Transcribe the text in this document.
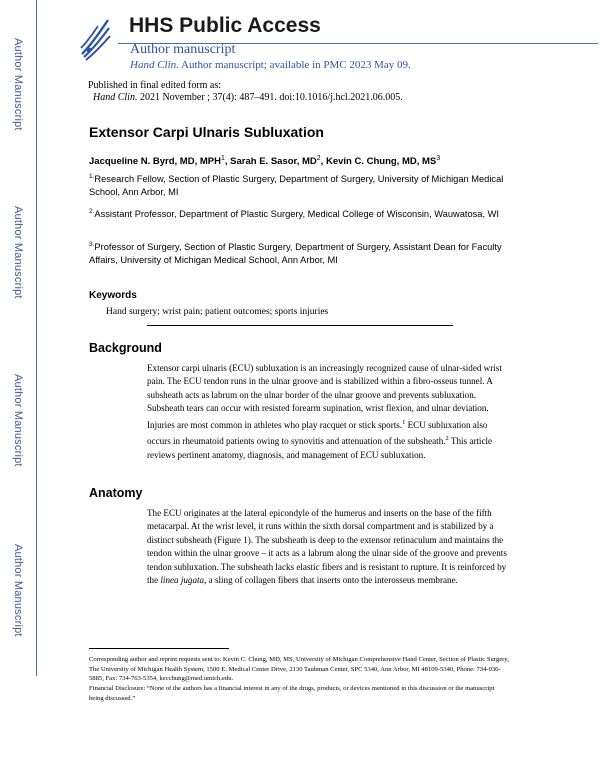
Author Manuscript
Author Manuscript
Author Manuscript
Author Manuscript
HHS Public Access
Author manuscript
Hand Clin. Author manuscript; available in PMC 2023 May 09.
Published in final edited form as:
Hand Clin. 2021 November ; 37(4): 487–491. doi:10.1016/j.hcl.2021.06.005.
Extensor Carpi Ulnaris Subluxation
Jacqueline N. Byrd, MD, MPH$^1$, Sarah E. Sasor, $MD^2$, Kevin C. Chung, MD, $MS^3$
$^{1.}$Research Fellow, Section of Plastic Surgery, Department of Surgery, University of Michigan Medical School, Ann Arbor, MI
$^{2.}$Assistant Professor, Department of Plastic Surgery, Medical College of Wisconsin, Wauwatosa, WI
$^{3.}$Professor of Surgery, Section of Plastic Surgery, Department of Surgery, Assistant Dean for Faculty Affairs, University of Michigan Medical School, Ann Arbor, MI
Keywords
Hand surgery; wrist pain; patient outcomes; sports injuries
Background
Extensor carpi ulnaris (ECU) subluxation is an increasingly recognized cause of ulnar-sided wrist pain. The ECU tendon runs in the ulnar groove and is stabilized within a fibro-osseus tunnel. A subsheath acts as labrum on the ulnar border of the ulnar groove and prevents subluxation. Subsheath tears can occur with resisted forearm supination, wrist flexion, and ulnar deviation. Injuries are most common in athletes who play racquet or stick sports.$^1$ ECU subluxation also occurs in rheumatoid patients owing to synovitis and attenuation of the subsheath.$^2$ This article reviews pertinent anatomy, diagnosis, and management of ECU subluxation.
Anatomy
The ECU originates at the lateral epicondyle of the humerus and inserts on the base of the fifth metacarpal. At the wrist level, it runs within the sixth dorsal compartment and is stabilized by a distinct subsheath (Figure 1). The subsheath is deep to the extensor retinaculum and maintains the tendon within the ulnar groove – it acts as a labrum along the ulnar side of the groove and prevents tendon subluxation. The subsheath lacks elastic fibers and is resistant to rupture. It is reinforced by the linea jugata, a sling of collagen fibers that inserts onto the interosseus membrane.
Corresponding author and reprint requests sent to: Kevin C. Chung, MD, MS, University of Michigan Comprehensive Hand Center, Section of Plastic Surgery, The University of Michigan Health System, 1500 E. Medical Center Drive, 2130 Taubman Center, SPC 5340, Ann Arbor, MI 48109-5340, Phone: 734-936-5885, Fax: 734-763-5354, kecchung@med.umich.edu.
Financial Disclosure: “None of the authors has a financial interest in any of the drugs, products, or devices mentioned in this discussion or the manuscript being discussed.”
